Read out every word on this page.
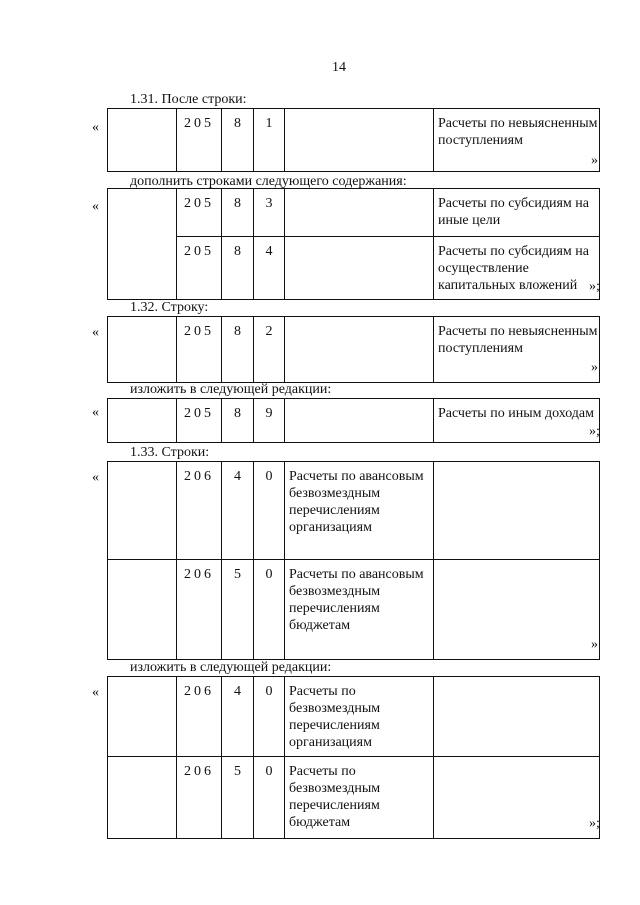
14
1.31. После строки:
«
		205	8	1		Расчеты по невыясненным поступлениям
»
дополнить строками следующего содержания:
«
		205	8	3		Расчеты по субсидиям на иные цели
	205	8	4		Расчеты по субсидиям на осуществление капитальных вложений »;
1.32. Строку:
«
		205	8	2		Расчеты по невыясненным поступлениям
»
изложить в следующей редакции:
«
		205	8	9		Расчеты по иным доходам
»;
1.33. Строки:
«
		206	4	0	Расчеты по авансовым безвозмездным перечислениям организациям	
	206	5	0	Расчеты по авансовым безвозмездным перечислениям бюджетам	
»
изложить в следующей редакции:
«
		206	4	0	Расчеты по безвозмездным перечислениям организациям	
	206	5	0	Расчеты по безвозмездным перечислениям бюджетам		»;
